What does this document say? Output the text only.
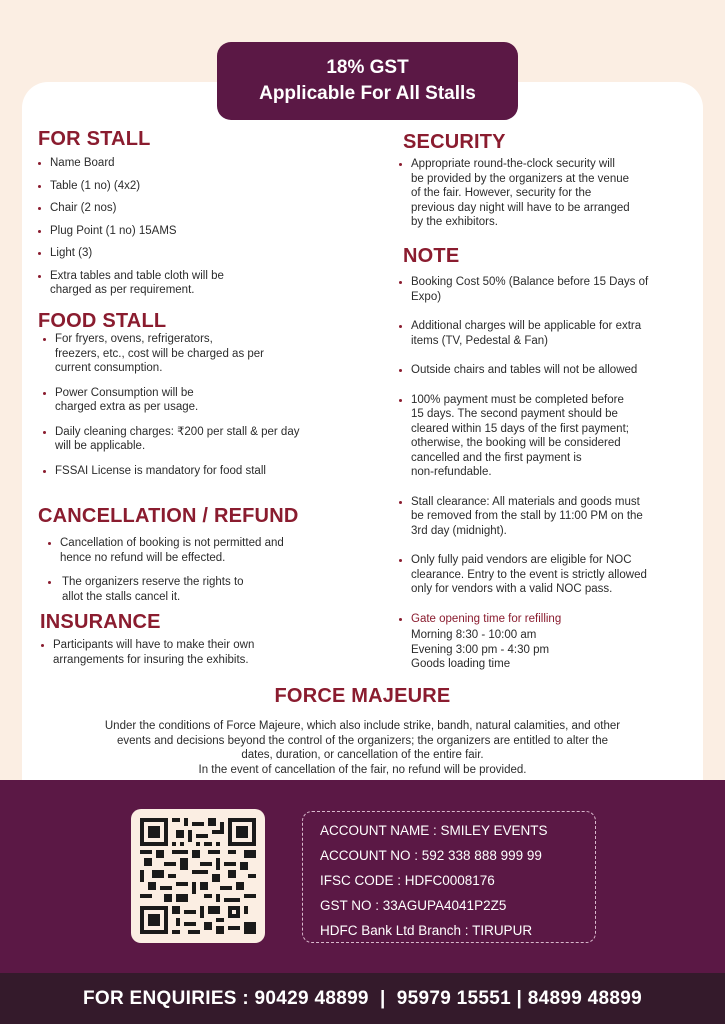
18% GST
Applicable For All Stalls
FOR STALL
Name Board
Table (1 no) (4x2)
Chair (2 nos)
Plug Point (1 no) 15AMS
Light (3)
Extra tables and table cloth will be
charged as per requirement.
FOOD STALL
For fryers, ovens, refrigerators,
freezers, etc., cost will be charged as per
current consumption.
Power Consumption will be
charged extra as per usage.
Daily cleaning charges: ₹200 per stall & per day
will be applicable.
FSSAI License is mandatory for food stall
CANCELLATION / REFUND
Cancellation of booking is not permitted and
hence no refund will be effected.
The organizers reserve the rights to
allot the stalls cancel it.
INSURANCE
Participants will have to make their own
arrangements for insuring the exhibits.
SECURITY
Appropriate round-the-clock security will
be provided by the organizers at the venue
of the fair. However, security for the
previous day night will have to be arranged
by the exhibitors.
NOTE
Booking Cost 50% (Balance before 15 Days of
Expo)
Additional charges will be applicable for extra
items (TV, Pedestal & Fan)
Outside chairs and tables will not be allowed
100% payment must be completed before
15 days. The second payment should be
cleared within 15 days of the first payment;
otherwise, the booking will be considered
cancelled and the first payment is
non-refundable.
Stall clearance: All materials and goods must
be removed from the stall by 11:00 PM on the
3rd day (midnight).
Only fully paid vendors are eligible for NOC
clearance. Entry to the event is strictly allowed
only for vendors with a valid NOC pass.
Gate opening time for refilling
Morning 8:30 - 10:00 am
Evening 3:00 pm - 4:30 pm
Goods loading time
FORCE MAJEURE
Under the conditions of Force Majeure, which also include strike, bandh, natural calamities, and other
events and decisions beyond the control of the organizers; the organizers are entitled to alter the
dates, duration, or cancellation of the entire fair.
In the event of cancellation of the fair, no refund will be provided.
ACCOUNT NAME : SMILEY EVENTS
ACCOUNT NO : 592 338 888 999 99
IFSC CODE : HDFC0008176
GST NO : 33AGUPA4041P2Z5
HDFC Bank Ltd Branch : TIRUPUR
FOR ENQUIRIES : 90429 48899  |  95979 15551 | 84899 48899
